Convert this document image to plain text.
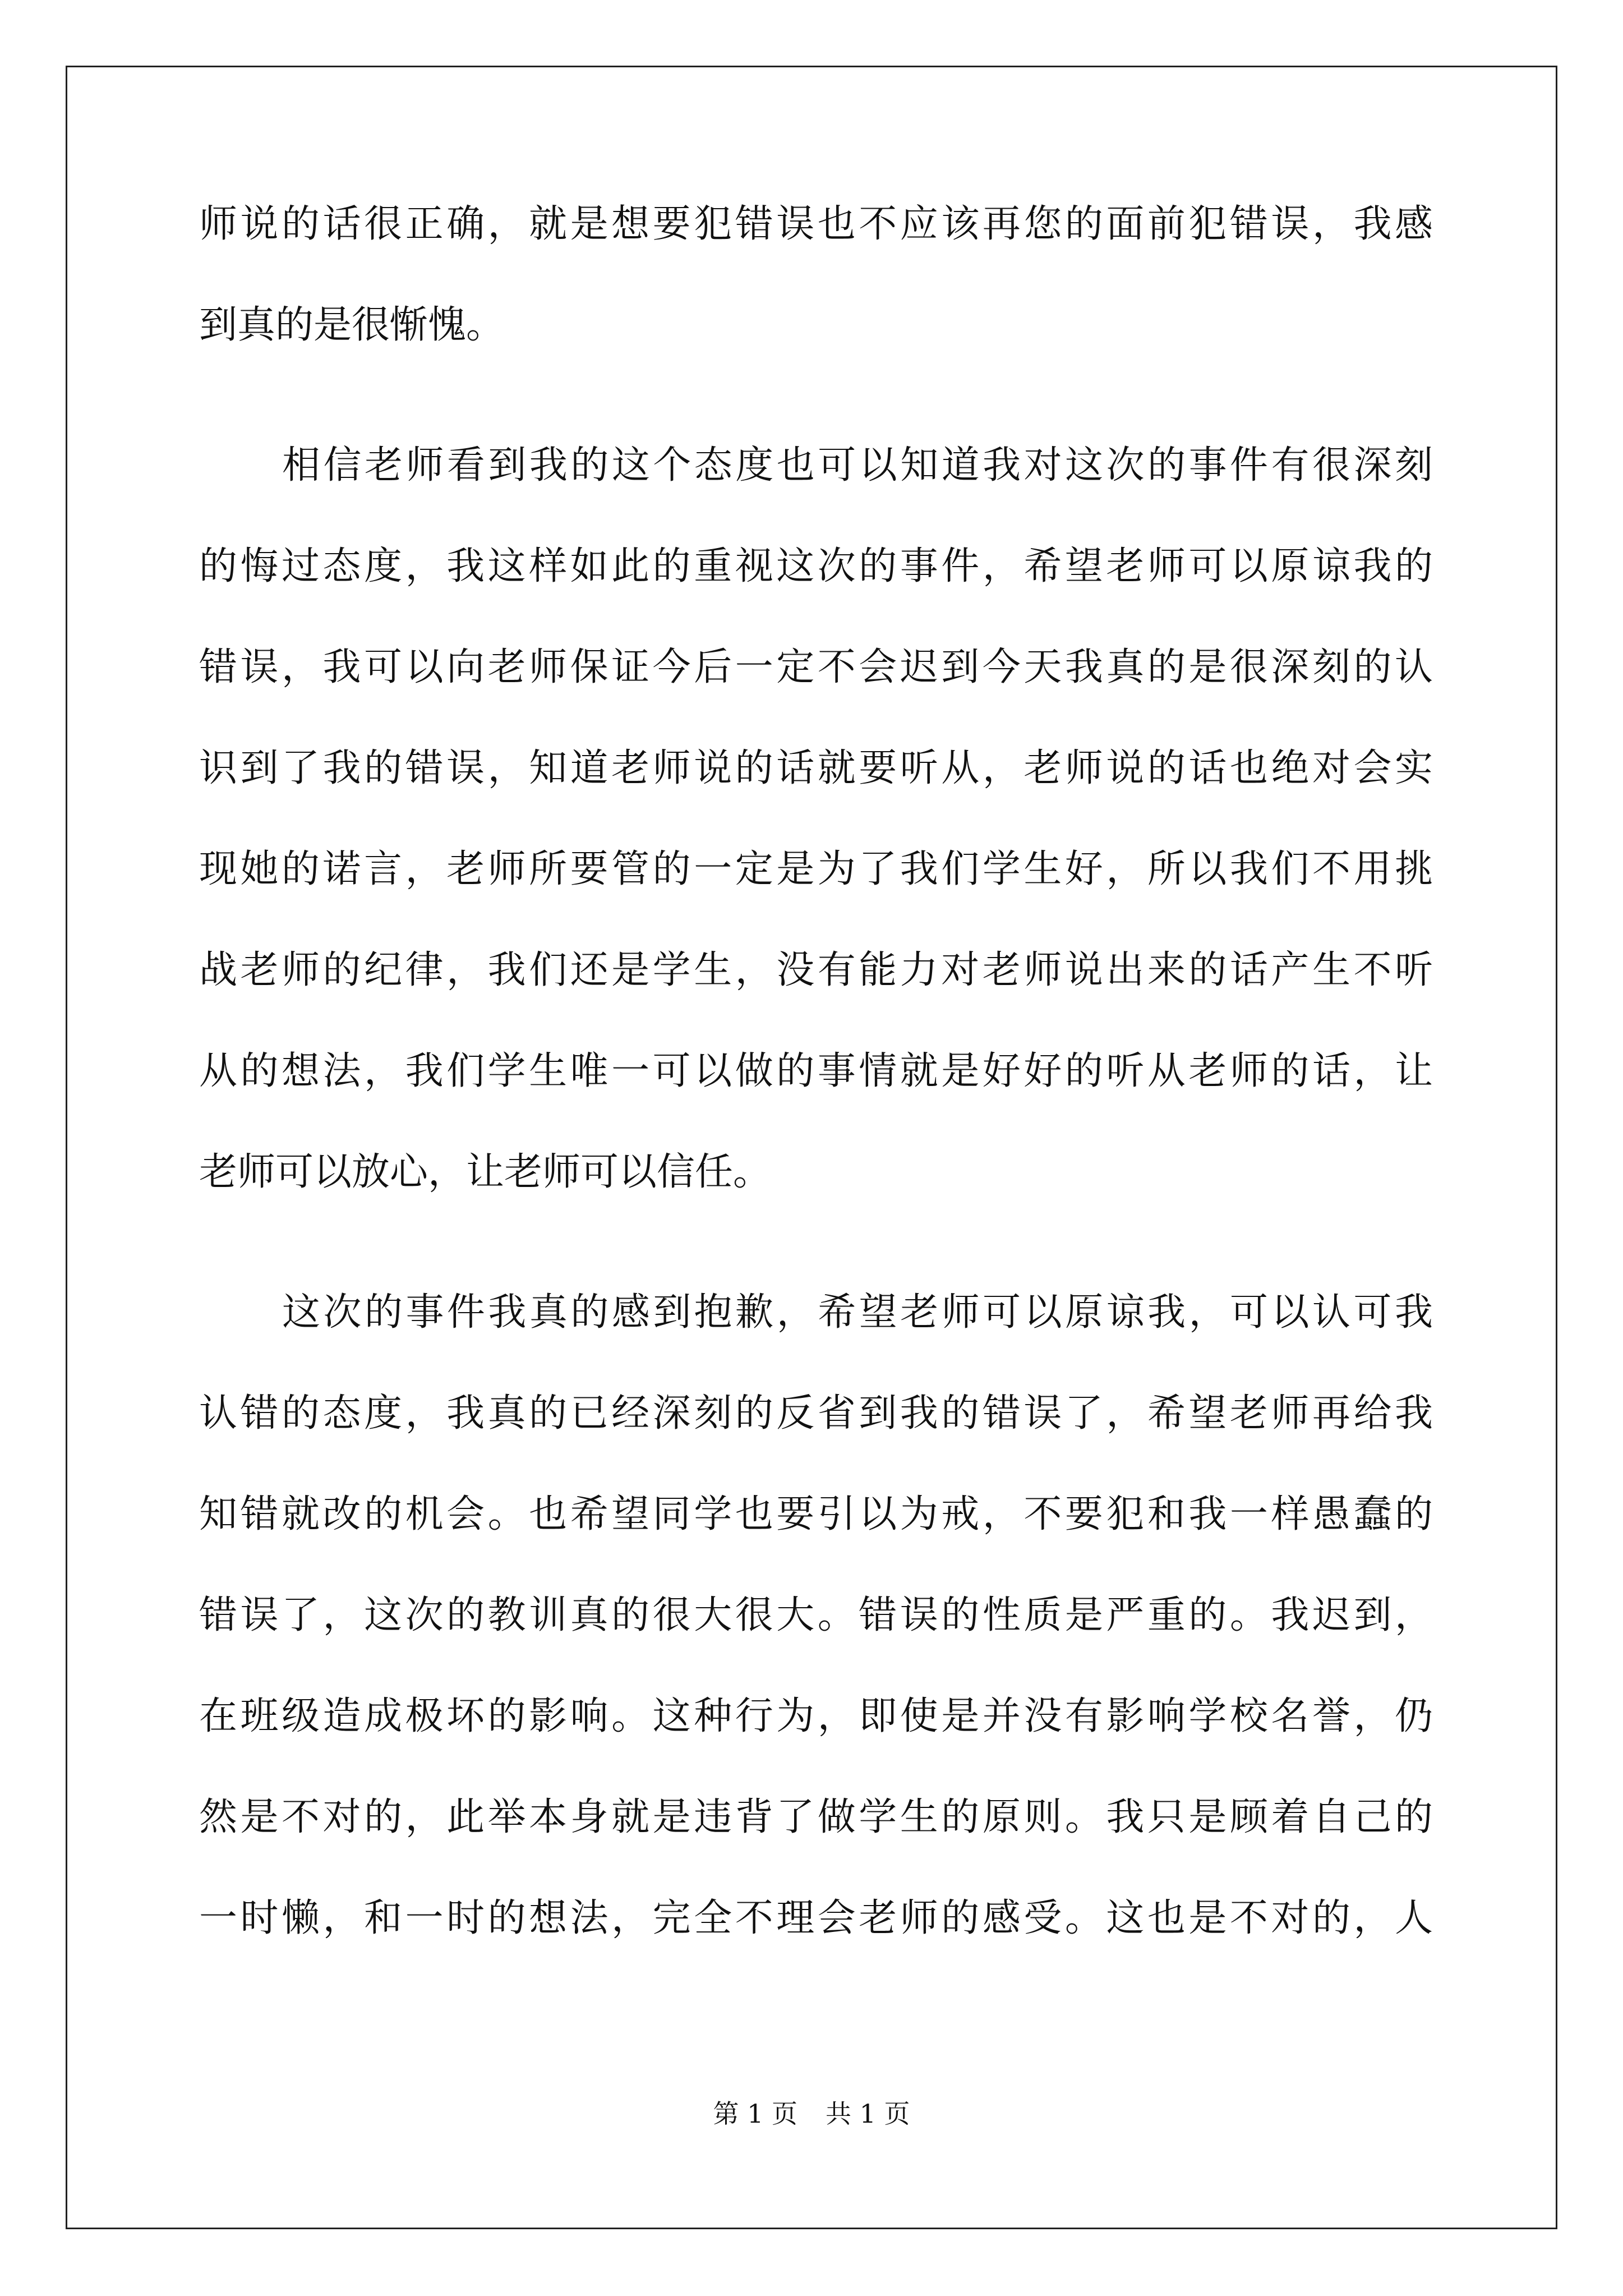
师说的话很正确，就是想要犯错误也不应该再您的面前犯错误，我感
到真的是很惭愧。
相信老师看到我的这个态度也可以知道我对这次的事件有很深刻
的悔过态度，我这样如此的重视这次的事件，希望老师可以原谅我的
错误，我可以向老师保证今后一定不会迟到今天我真的是很深刻的认
识到了我的错误，知道老师说的话就要听从，老师说的话也绝对会实
现她的诺言，老师所要管的一定是为了我们学生好，所以我们不用挑
战老师的纪律，我们还是学生，没有能力对老师说出来的话产生不听
从的想法，我们学生唯一可以做的事情就是好好的听从老师的话，让
老师可以放心，让老师可以信任。
这次的事件我真的感到抱歉，希望老师可以原谅我，可以认可我
认错的态度，我真的已经深刻的反省到我的错误了，希望老师再给我
知错就改的机会。也希望同学也要引以为戒，不要犯和我一样愚蠢的
错误了，这次的教训真的很大很大。错误的性质是严重的。我迟到，
在班级造成极坏的影响。这种行为，即使是并没有影响学校名誉，仍
然是不对的，此举本身就是违背了做学生的原则。我只是顾着自己的
一时懒，和一时的想法，完全不理会老师的感受。这也是不对的，人
第 1 页 共 1 页
